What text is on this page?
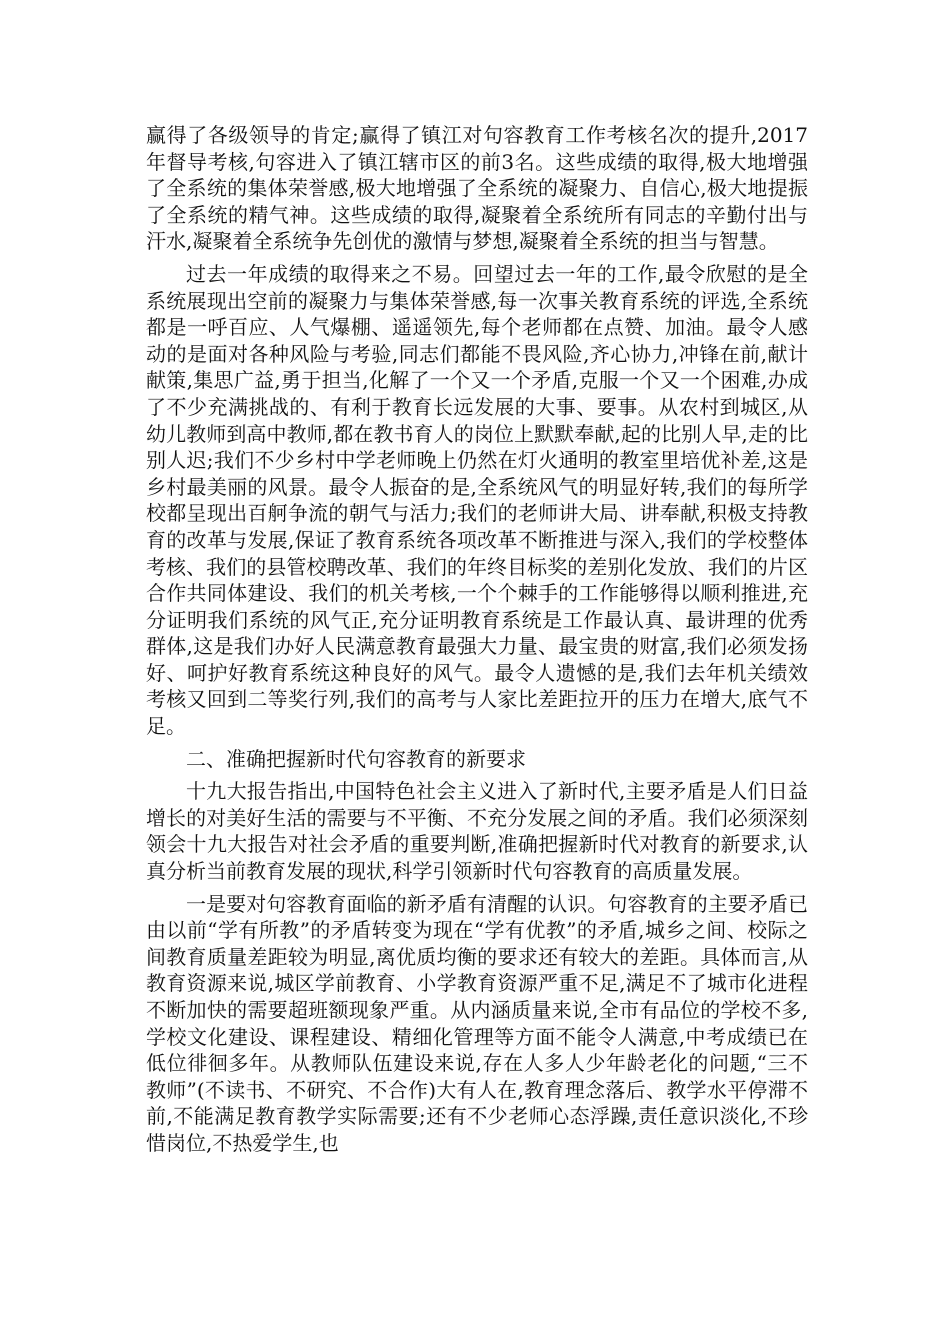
赢得了各级领导的肯定;赢得了镇江对句容教育工作考核名次的提升,2017年督导考核,句容进入了镇江辖市区的前3名。这些成绩的取得,极大地增强了全系统的集体荣誉感,极大地增强了全系统的凝聚力、自信心,极大地提振了全系统的精气神。这些成绩的取得,凝聚着全系统所有同志的辛勤付出与汗水,凝聚着全系统争先创优的激情与梦想,凝聚着全系统的担当与智慧。

过去一年成绩的取得来之不易。回望过去一年的工作,最令欣慰的是全系统展现出空前的凝聚力与集体荣誉感,每一次事关教育系统的评选,全系统都是一呼百应、人气爆棚、遥遥领先,每个老师都在点赞、加油。最令人感动的是面对各种风险与考验,同志们都能不畏风险,齐心协力,冲锋在前,献计献策,集思广益,勇于担当,化解了一个又一个矛盾,克服一个又一个困难,办成了不少充满挑战的、有利于教育长远发展的大事、要事。从农村到城区,从幼儿教师到高中教师,都在教书育人的岗位上默默奉献,起的比别人早,走的比别人迟;我们不少乡村中学老师晚上仍然在灯火通明的教室里培优补差,这是乡村最美丽的风景。最令人振奋的是,全系统风气的明显好转,我们的每所学校都呈现出百舸争流的朝气与活力;我们的老师讲大局、讲奉献,积极支持教育的改革与发展,保证了教育系统各项改革不断推进与深入,我们的学校整体考核、我们的县管校聘改革、我们的年终目标奖的差别化发放、我们的片区合作共同体建设、我们的机关考核,一个个棘手的工作能够得以顺利推进,充分证明我们系统的风气正,充分证明教育系统是工作最认真、最讲理的优秀群体,这是我们办好人民满意教育最强大力量、最宝贵的财富,我们必须发扬好、呵护好教育系统这种良好的风气。最令人遗憾的是,我们去年机关绩效考核又回到二等奖行列,我们的高考与人家比差距拉开的压力在增大,底气不足。

二、准确把握新时代句容教育的新要求

十九大报告指出,中国特色社会主义进入了新时代,主要矛盾是人们日益增长的对美好生活的需要与不平衡、不充分发展之间的矛盾。我们必须深刻领会十九大报告对社会矛盾的重要判断,准确把握新时代对教育的新要求,认真分析当前教育发展的现状,科学引领新时代句容教育的高质量发展。

一是要对句容教育面临的新矛盾有清醒的认识。句容教育的主要矛盾已由以前“学有所教”的矛盾转变为现在“学有优教”的矛盾,城乡之间、校际之间教育质量差距较为明显,离优质均衡的要求还有较大的差距。具体而言,从教育资源来说,城区学前教育、小学教育资源严重不足,满足不了城市化进程不断加快的需要超班额现象严重。从内涵质量来说,全市有品位的学校不多,学校文化建设、课程建设、精细化管理等方面不能令人满意,中考成绩已在低位徘徊多年。从教师队伍建设来说,存在人多人少年龄老化的问题,“三不教师”(不读书、不研究、不合作)大有人在,教育理念落后、教学水平停滞不前,不能满足教育教学实际需要;还有不少老师心态浮躁,责任意识淡化,不珍惜岗位,不热爱学生,也
